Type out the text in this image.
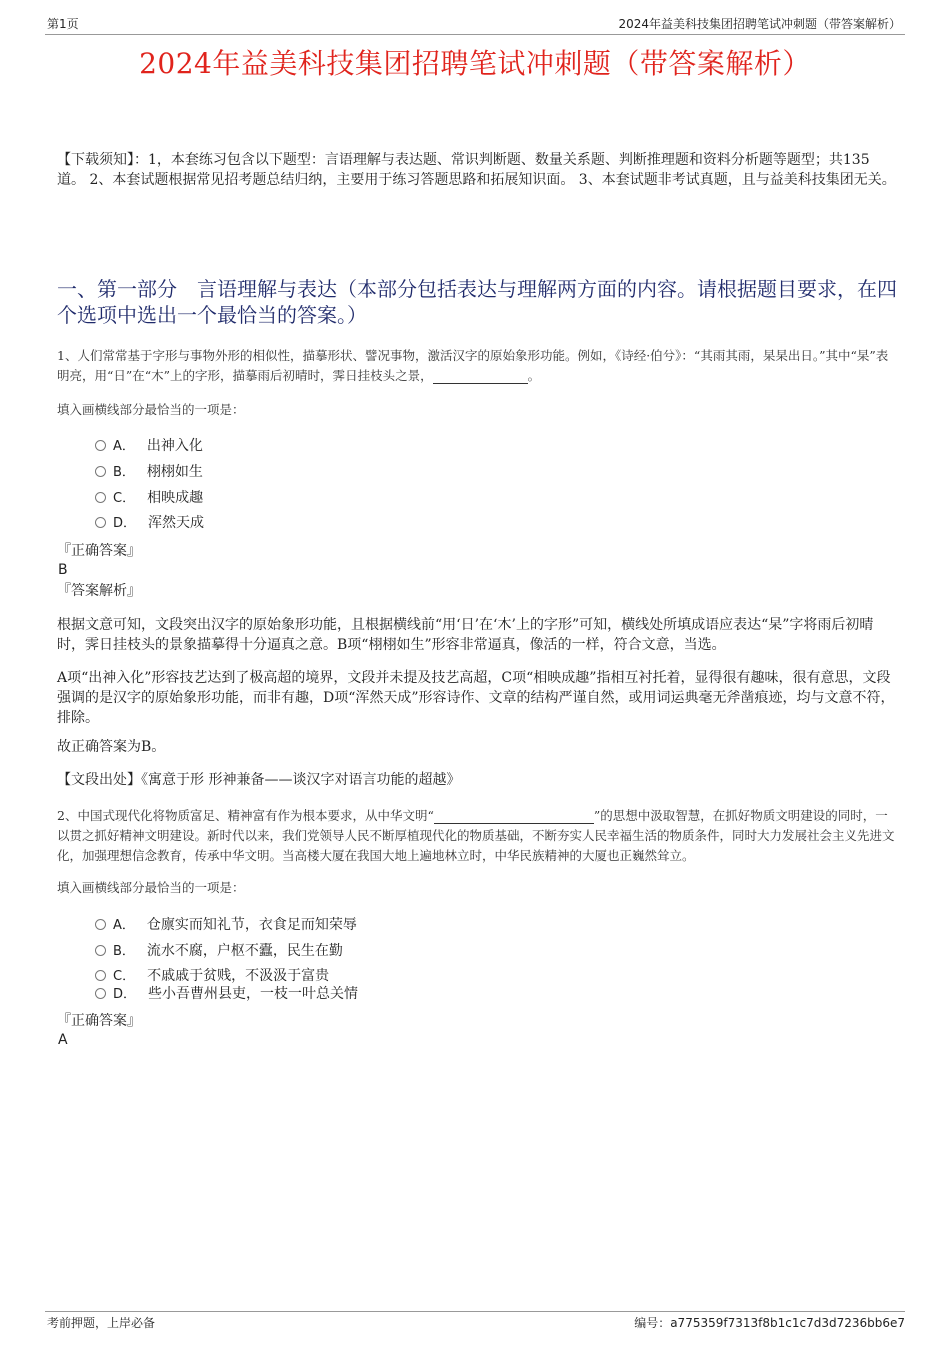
第1页	2024年益美科技集团招聘笔试冲刺题（带答案解析）
2024年益美科技集团招聘笔试冲刺题（带答案解析）
【下载须知】：1，本套练习包含以下题型：言语理解与表达题、常识判断题、数量关系题、判断推理题和资料分析题等题型；共135道。 2、本套试题根据常见招考题总结归纳，主要用于练习答题思路和拓展知识面。 3、本套试题非考试真题，且与益美科技集团无关。
一、第一部分　言语理解与表达（本部分包括表达与理解两方面的内容。请根据题目要求，在四个选项中选出一个最恰当的答案。）
1、人们常常基于字形与事物外形的相似性，描摹形状、譬况事物，激活汉字的原始象形功能。例如，《诗经·伯兮》：“其雨其雨，杲杲出日。”其中“杲”表明亮，用“日”在“木”上的字形，描摹雨后初晴时，霁日挂枝头之景，	。
填入画横线部分最恰当的一项是：
A． 出神入化
B． 栩栩如生
C． 相映成趣
D． 浑然天成
『正确答案』
B
『答案解析』
根据文意可知，文段突出汉字的原始象形功能，且根据横线前“用‘日’在‘木’上的字形”可知，横线处所填成语应表达“杲”字将雨后初晴时，霁日挂枝头的景象描摹得十分逼真之意。B项“栩栩如生”形容非常逼真，像活的一样，符合文意，当选。
A项“出神入化”形容技艺达到了极高超的境界，文段并未提及技艺高超，C项“相映成趣”指相互衬托着，显得很有趣味，很有意思，文段强调的是汉字的原始象形功能，而非有趣，D项“浑然天成”形容诗作、文章的结构严谨自然，或用词运典毫无斧凿痕迹，均与文意不符，排除。
故正确答案为B。
【文段出处】《寓意于形 形神兼备——谈汉字对语言功能的超越》
2、中国式现代化将物质富足、精神富有作为根本要求，从中华文明“	”的思想中汲取智慧，在抓好物质文明建设的同时，一以贯之抓好精神文明建设。新时代以来，我们党领导人民不断厚植现代化的物质基础，不断夯实人民幸福生活的物质条件，同时大力发展社会主义先进文化，加强理想信念教育，传承中华文明。当高楼大厦在我国大地上遍地林立时，中华民族精神的大厦也正巍然耸立。
填入画横线部分最恰当的一项是：
A． 仓廪实而知礼节，衣食足而知荣辱
B． 流水不腐，户枢不蠹，民生在勤
C． 不戚戚于贫贱，不汲汲于富贵
D． 些小吾曹州县吏，一枝一叶总关情
『正确答案』
A
考前押题，上岸必备	编号：a775359f7313f8b1c1c7d3d7236bb6e7
